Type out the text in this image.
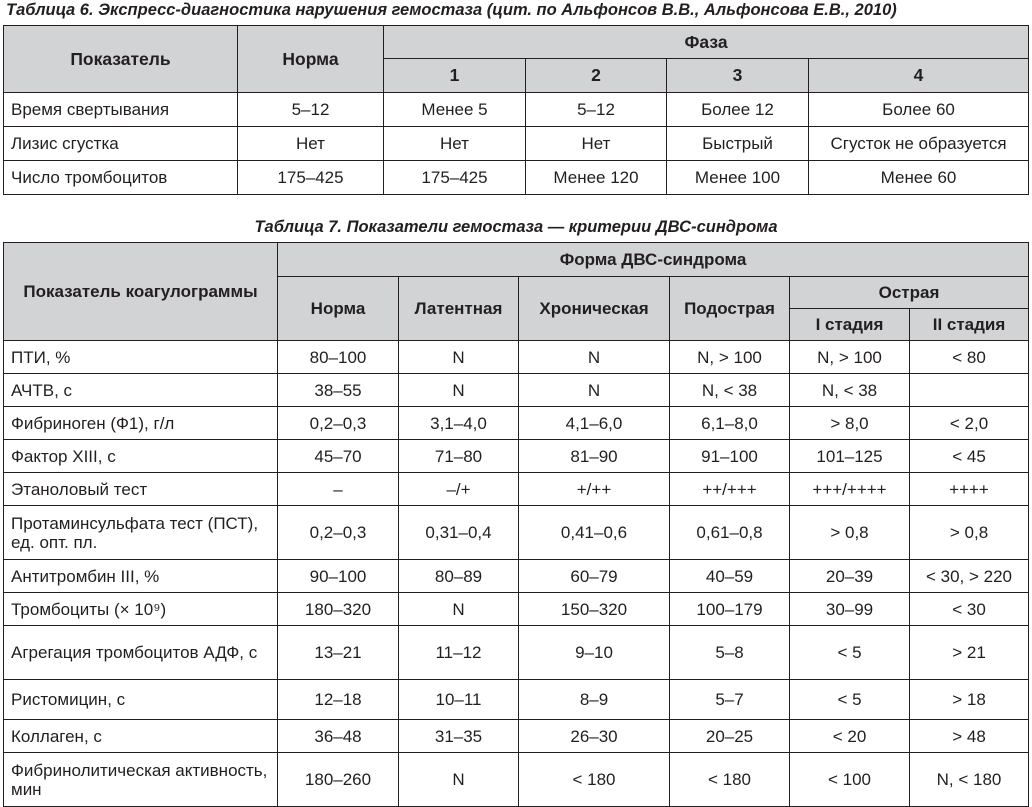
Таблица 6. Экспресс-диагностика нарушения гемостаза (цит. по Альфонсов В.В., Альфонсова Е.В., 2010)
Показатель	Норма	Фаза			
		1	2	3	4
Время свертывания	5–12	Менее 5	5–12	Более 12	Более 60
Лизис сгустка	Нет	Нет	Нет	Быстрый	Сгусток не образуется
Число тромбоцитов	175–425	175–425	Менее 120	Менее 100	Менее 60
Таблица 7. Показатели гемостаза — критерии ДВС-синдрома
Показатель коагулограммы	Форма ДВС-синдрома					
	Норма	Латентная	Хроническая	Подострая	Острая	
					I стадия	II стадия
ПТИ, %	80–100	N	N	N, > 100	N, > 100	< 80
АЧТВ, с	38–55	N	N	N, < 38	N, < 38	
Фибриноген (Ф1), г/л	0,2–0,3	3,1–4,0	4,1–6,0	6,1–8,0	> 8,0	< 2,0
Фактор XIII, с	45–70	71–80	81–90	91–100	101–125	< 45
Этаноловый тест	–	–/+	+/++	++/+++	+++/++++	++++
Протаминсульфата тест (ПСТ), ед. опт. пл.	0,2–0,3	0,31–0,4	0,41–0,6	0,61–0,8	> 0,8	> 0,8
Антитромбин III, %	90–100	80–89	60–79	40–59	20–39	< 30, > 220
Тромбоциты (× 10⁹)	180–320	N	150–320	100–179	30–99	< 30
Агрегация тромбоцитов АДФ, с	13–21	11–12	9–10	5–8	< 5	> 21
Ристомицин, с	12–18	10–11	8–9	5–7	< 5	> 18
Коллаген, с	36–48	31–35	26–30	20–25	< 20	> 48
Фибринолитическая активность, мин	180–260	N	< 180	< 180	< 100	N, < 180
